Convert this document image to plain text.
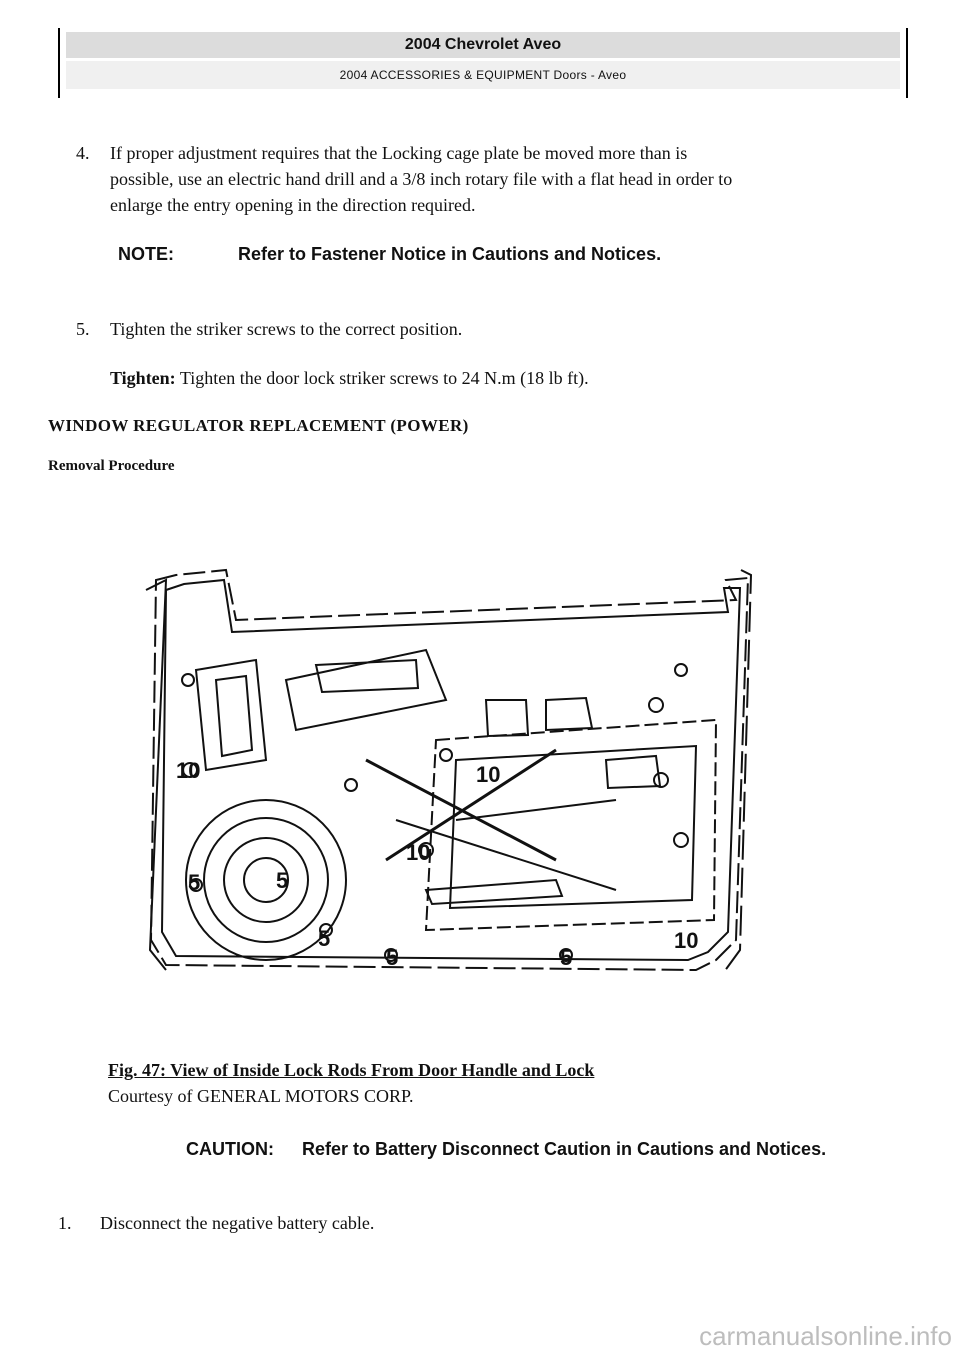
2004 Chevrolet Aveo
2004 ACCESSORIES & EQUIPMENT Doors - Aveo
4. If proper adjustment requires that the Locking cage plate be moved more than is
possible, use an electric hand drill and a 3/8 inch rotary file with a flat head in order to
enlarge the entry opening in the direction required.
NOTE:	Refer to Fastener Notice in Cautions and Notices.
5. Tighten the striker screws to the correct position.
Tighten: Tighten the door lock striker screws to 24 N.m (18 lb ft).
WINDOW REGULATOR REPLACEMENT (POWER)
Removal Procedure
10
5	5
5
5	5
10
10
10
Fig. 47: View of Inside Lock Rods From Door Handle and Lock
Courtesy of GENERAL MOTORS CORP.
CAUTION: Refer to Battery Disconnect Caution in Cautions and Notices.
1. Disconnect the negative battery cable.
carmanualsonline.info
